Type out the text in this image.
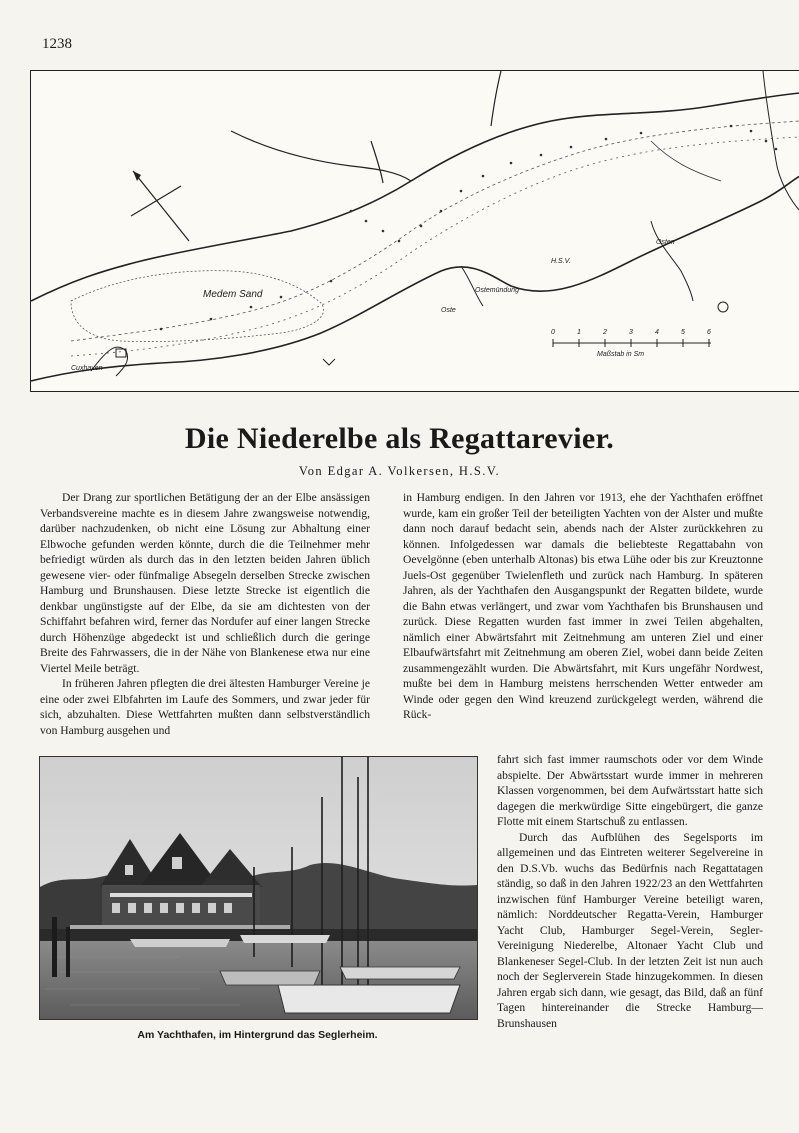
1238
Medem Sand
Cuxhaven
H.S.V.
Ostemündung
Oste
Osten
Maßstab in Sm
0	1	2	3	4	5	6
Die Niederelbe als Regattarevier.
Von Edgar A. Volkersen, H.S.V.

Der Drang zur sportlichen Betätigung der an der Elbe ansässigen Verbandsvereine machte es in diesem Jahre zwangsweise notwendig, darüber nachzudenken, ob nicht eine Lösung zur Abhaltung einer Elbwoche gefunden werden könnte, durch die die Teilnehmer mehr befriedigt würden als durch das in den letzten beiden Jahren üblich gewesene vier- oder fünfmalige Absegeln derselben Strecke zwischen Hamburg und Brunshausen. Diese letzte Strecke ist eigentlich die denkbar ungünstigste auf der Elbe, da sie am dichtesten von der Schiffahrt befahren wird, ferner das Nordufer auf einer langen Strecke durch Höhenzüge abgedeckt ist und schließlich durch die geringe Breite des Fahrwassers, die in der Nähe von Blankenese etwa nur eine Viertel Meile beträgt.

In früheren Jahren pflegten die drei ältesten Hamburger Vereine je eine oder zwei Elbfahrten im Laufe des Sommers, und zwar jeder für sich, abzuhalten. Diese Wettfahrten mußten dann selbstverständlich von Hamburg ausgehen und

in Hamburg endigen. In den Jahren vor 1913, ehe der Yachthafen eröffnet wurde, kam ein großer Teil der beteiligten Yachten von der Alster und mußte dann noch darauf bedacht sein, abends nach der Alster zurückkehren zu können. Infolgedessen war damals die beliebteste Regattabahn von Oevelgönne (eben unterhalb Altonas) bis etwa Lühe oder bis zur Kreuztonne Juels-Ost gegenüber Twielenfleth und zurück nach Hamburg. In späteren Jahren, als der Yachthafen den Ausgangspunkt der Regatten bildete, wurde die Bahn etwas verlängert, und zwar vom Yachthafen bis Brunshausen und zurück. Diese Regatten wurden fast immer in zwei Teilen abgehalten, nämlich einer Abwärtsfahrt mit Zeitnehmung am unteren Ziel und einer Elbaufwärtsfahrt mit Zeitnehmung am oberen Ziel, wobei dann beide Zeiten zusammengezählt wurden. Die Abwärtsfahrt, mit Kurs ungefähr Nordwest, mußte bei dem in Hamburg meistens herrschenden Wetter entweder am Winde oder gegen den Wind kreuzend zurückgelegt werden, während die Rück-

fahrt sich fast immer raumschots oder vor dem Winde abspielte. Der Abwärtsstart wurde immer in mehreren Klassen vorgenommen, bei dem Aufwärtsstart hatte sich dagegen die merkwürdige Sitte eingebürgert, die ganze Flotte mit einem Startschuß zu entlassen.

Durch das Aufblühen des Segelsports im allgemeinen und das Eintreten weiterer Segelvereine in den D.S.Vb. wuchs das Bedürfnis nach Regattatagen ständig, so daß in den Jahren 1922/23 an den Wettfahrten inzwischen fünf Hamburger Vereine beteiligt waren, nämlich: Norddeutscher Regatta-Verein, Hamburger Yacht Club, Hamburger Segel-Verein, Segler-Vereinigung Niederelbe, Altonaer Yacht Club und Blankeneser Segel-Club. In der letzten Zeit ist nun auch noch der Seglerverein Stade hinzugekommen. In diesen Jahren ergab sich dann, wie gesagt, das Bild, daß an fünf Tagen hintereinander die Strecke Hamburg—Brunshausen

Am Yachthafen, im Hintergrund das Seglerheim.
